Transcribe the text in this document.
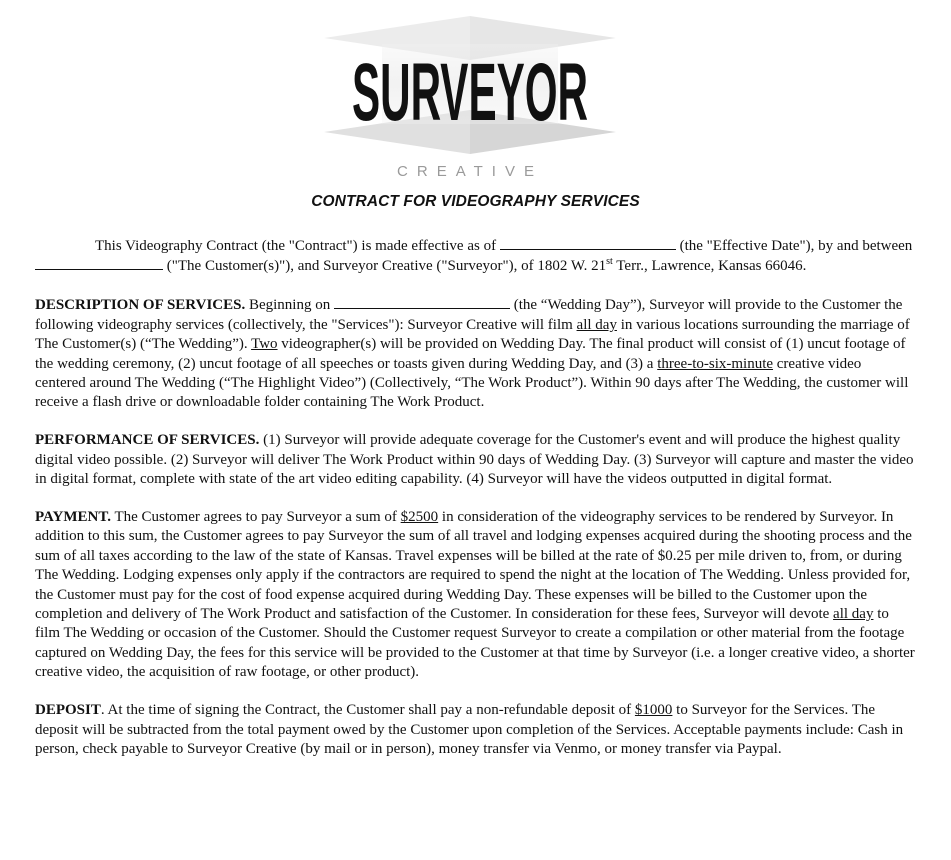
SURVEYOR
CREATIVE
CONTRACT FOR VIDEOGRAPHY SERVICES

This Videography Contract (the "Contract") is made effective as of	(the "Effective Date"), by and between  ("The Customer(s)"), and Surveyor Creative ("Surveyor"), of 1802 W. 21st Terr., Lawrence, Kansas 66046.

DESCRIPTION OF SERVICES. Beginning on	(the “Wedding Day”), Surveyor will provide to the Customer the following videography services (collectively, the "Services"): Surveyor Creative will film all day in various locations surrounding the marriage of The Customer(s) (“The Wedding”). Two videographer(s) will be provided on Wedding Day. The final product will consist of (1) uncut footage of the wedding ceremony, (2) uncut footage of all speeches or toasts given during Wedding Day, and (3) a three-to-six-minute creative video centered around The Wedding (“The Highlight Video”) (Collectively, “The Work Product”). Within 90 days after The Wedding, the customer will receive a flash drive or downloadable folder containing The Work Product.

PERFORMANCE OF SERVICES. (1) Surveyor will provide adequate coverage for the Customer's event and will produce the highest quality digital video possible. (2) Surveyor will deliver The Work Product within 90 days of Wedding Day. (3) Surveyor will capture and master the video in digital format, complete with state of the art video editing capability. (4) Surveyor will have the videos outputted in digital format.

PAYMENT. The Customer agrees to pay Surveyor a sum of $2500 in consideration of the videography services to be rendered by Surveyor. In addition to this sum, the Customer agrees to pay Surveyor the sum of all travel and lodging expenses acquired during the shooting process and the sum of all taxes according to the law of the state of Kansas. Travel expenses will be billed at the rate of $0.25 per mile driven to, from, or during The Wedding. Lodging expenses only apply if the contractors are required to spend the night at the location of The Wedding. Unless provided for, the Customer must pay for the cost of food expense acquired during Wedding Day. These expenses will be billed to the Customer upon the completion and delivery of The Work Product and satisfaction of the Customer. In consideration for these fees, Surveyor will devote all day to film The Wedding or occasion of the Customer. Should the Customer request Surveyor to create a compilation or other material from the footage captured on Wedding Day, the fees for this service will be provided to the Customer at that time by Surveyor (i.e. a longer creative video, a shorter creative video, the acquisition of raw footage, or other product).

DEPOSIT. At the time of signing the Contract, the Customer shall pay a non-refundable deposit of $1000 to Surveyor for the Services. The deposit will be subtracted from the total payment owed by the Customer upon completion of the Services. Acceptable payments include: Cash in person, check payable to Surveyor Creative (by mail or in person), money transfer via Venmo, or money transfer via Paypal.
